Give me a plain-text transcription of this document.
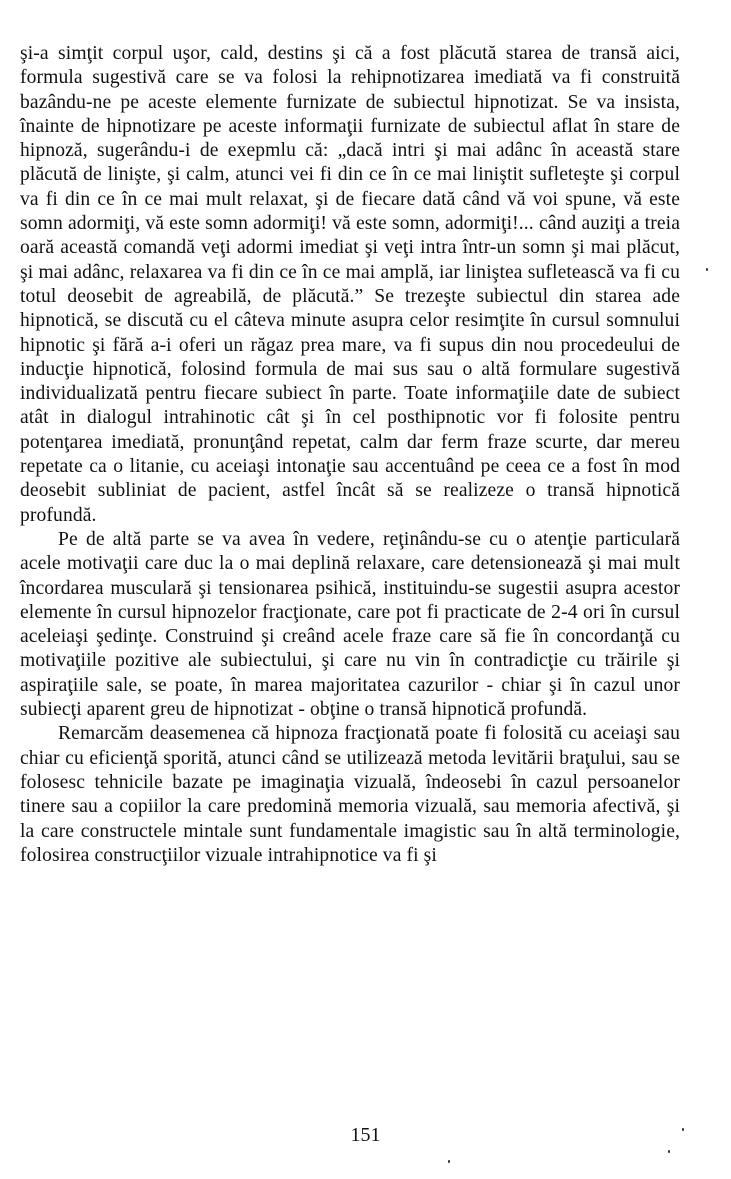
şi-a simţit corpul uşor, cald, destins şi că a fost plăcută starea de transă aici, formula sugestivă care se va folosi la rehipnotizarea imediată va fi construită bazându-ne pe aceste elemente furnizate de subiectul hipnotizat. Se va insista, înainte de hipnotizare pe aceste informaţii furnizate de subiectul aflat în stare de hipnoză, sugerându-i de exepmlu că: „dacă intri şi mai adânc în această stare plăcută de linişte, şi calm, atunci vei fi din ce în ce mai liniştit sufleteşte şi corpul va fi din ce în ce mai mult relaxat, şi de fiecare dată când vă voi spune, vă este somn adormiţi, vă este somn adormiţi! vă este somn, adormiţi!... când auziţi a treia oară această comandă veţi adormi imediat şi veţi intra într-un somn şi mai plăcut, şi mai adânc, relaxarea va fi din ce în ce mai amplă, iar liniştea sufletească va fi cu totul deosebit de agreabilă, de plăcută.” Se trezeşte subiectul din starea ade hipnotică, se discută cu el câteva minute asupra celor resimţite în cursul somnului hipnotic şi fără a-i oferi un răgaz prea mare, va fi supus din nou procedeului de inducţie hipnotică, folosind formula de mai sus sau o altă formulare sugestivă individualizată pentru fiecare subiect în parte. Toate informaţiile date de subiect atât in dialogul intrahinotic cât şi în cel posthipnotic vor fi folosite pentru potenţarea imediată, pronunţând repetat, calm dar ferm fraze scurte, dar mereu repetate ca o litanie, cu aceiaşi intonaţie sau accentuând pe ceea ce a fost în mod deosebit subliniat de pacient, astfel încât să se realizeze o transă hipnotică profundă.

Pe de altă parte se va avea în vedere, reţinându-se cu o atenţie particulară acele motivaţii care duc la o mai deplină relaxare, care detensionează şi mai mult încordarea musculară şi tensionarea psihică, instituindu-se sugestii asupra acestor elemente în cursul hipnozelor fracţionate, care pot fi practicate de 2-4 ori în cursul aceleiaşi şedinţe. Construind şi creând acele fraze care să fie în concordanţă cu motivaţiile pozitive ale subiectului, şi care nu vin în contradicţie cu trăirile şi aspiraţiile sale, se poate, în marea majoritatea cazurilor - chiar şi în cazul unor subiecţi aparent greu de hipnotizat - obţine o transă hipnotică profundă.

Remarcăm deasemenea că hipnoza fracţionată poate fi folosită cu aceiaşi sau chiar cu eficienţă sporită, atunci când se utilizează metoda levitării braţului, sau se folosesc tehnicile bazate pe imaginaţia vizuală, îndeosebi în cazul persoanelor tinere sau a copiilor la care predomină memoria vizuală, sau memoria afectivă, şi la care constructele mintale sunt fundamentale imagistic sau în altă terminologie, folosirea construcţiilor vizuale intrahipnotice va fi şi

151
